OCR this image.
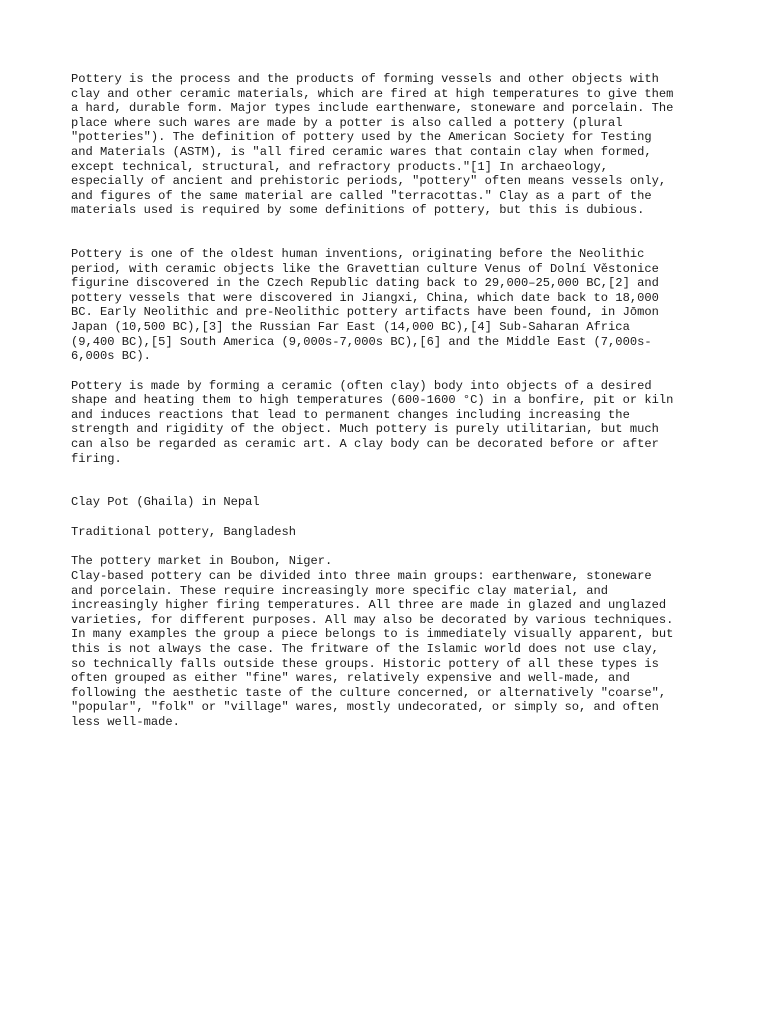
Pottery is the process and the products of forming vessels and other objects with
clay and other ceramic materials, which are fired at high temperatures to give them
a hard, durable form. Major types include earthenware, stoneware and porcelain. The
place where such wares are made by a potter is also called a pottery (plural
"potteries"). The definition of pottery used by the American Society for Testing
and Materials (ASTM), is "all fired ceramic wares that contain clay when formed,
except technical, structural, and refractory products."[1] In archaeology,
especially of ancient and prehistoric periods, "pottery" often means vessels only,
and figures of the same material are called "terracottas." Clay as a part of the
materials used is required by some definitions of pottery, but this is dubious.

Pottery is one of the oldest human inventions, originating before the Neolithic
period, with ceramic objects like the Gravettian culture Venus of Dolní Věstonice
figurine discovered in the Czech Republic dating back to 29,000–25,000 BC,[2] and
pottery vessels that were discovered in Jiangxi, China, which date back to 18,000
BC. Early Neolithic and pre-Neolithic pottery artifacts have been found, in Jōmon
Japan (10,500 BC),[3] the Russian Far East (14,000 BC),[4] Sub-Saharan Africa
(9,400 BC),[5] South America (9,000s-7,000s BC),[6] and the Middle East (7,000s-
6,000s BC).

Pottery is made by forming a ceramic (often clay) body into objects of a desired
shape and heating them to high temperatures (600-1600 °C) in a bonfire, pit or kiln
and induces reactions that lead to permanent changes including increasing the
strength and rigidity of the object. Much pottery is purely utilitarian, but much
can also be regarded as ceramic art. A clay body can be decorated before or after
firing.

Clay Pot (Ghaila) in Nepal

Traditional pottery, Bangladesh

The pottery market in Boubon, Niger.

Clay-based pottery can be divided into three main groups: earthenware, stoneware
and porcelain. These require increasingly more specific clay material, and
increasingly higher firing temperatures. All three are made in glazed and unglazed
varieties, for different purposes. All may also be decorated by various techniques.
In many examples the group a piece belongs to is immediately visually apparent, but
this is not always the case. The fritware of the Islamic world does not use clay,
so technically falls outside these groups. Historic pottery of all these types is
often grouped as either "fine" wares, relatively expensive and well-made, and
following the aesthetic taste of the culture concerned, or alternatively "coarse",
"popular", "folk" or "village" wares, mostly undecorated, or simply so, and often
less well-made.
